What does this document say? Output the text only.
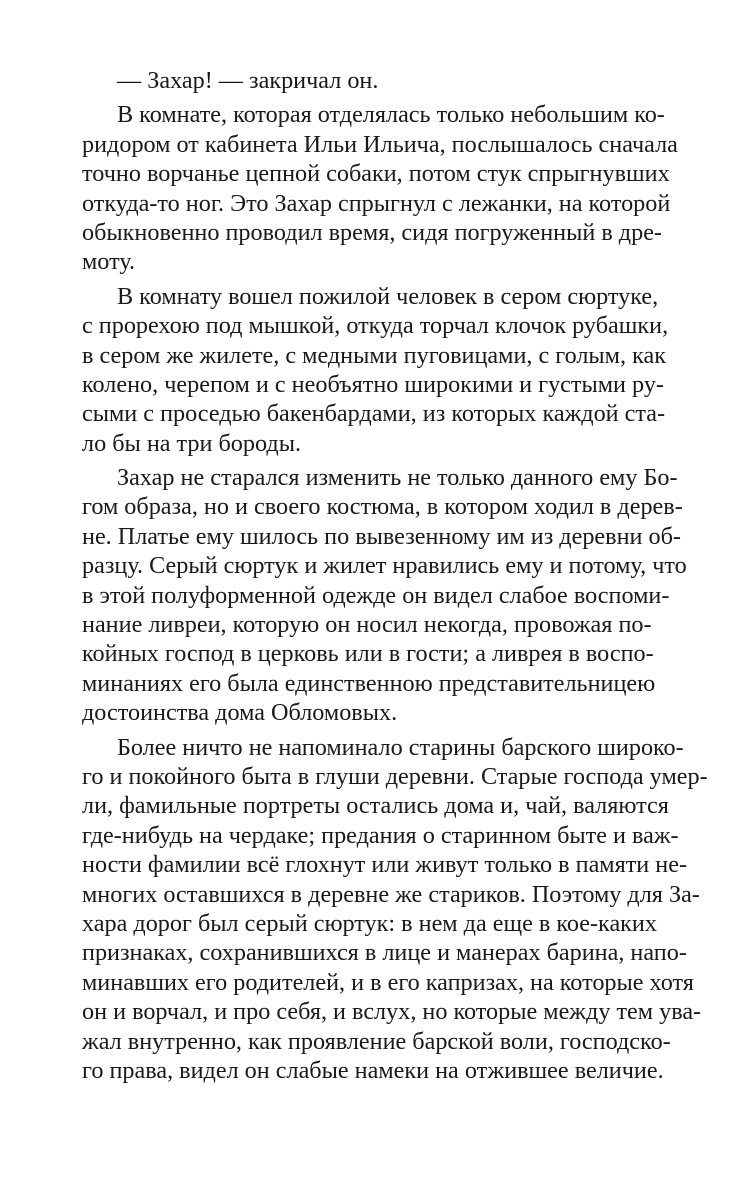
— Захар! — закричал он.
В комнате, которая отделялась только небольшим ко-
ридором от кабинета Ильи Ильича, послышалось сначала
точно ворчанье цепной собаки, потом стук спрыгнувших
откуда-то ног. Это Захар спрыгнул с лежанки, на которой
обыкновенно проводил время, сидя погруженный в дре-
моту.
В комнату вошел пожилой человек в сером сюртуке,
с прорехою под мышкой, откуда торчал клочок рубашки,
в сером же жилете, с медными пуговицами, с голым, как
колено, черепом и с необъятно широкими и густыми ру-
сыми с проседью бакенбардами, из которых каждой ста-
ло бы на три бороды.
Захар не старался изменить не только данного ему Бо-
гом образа, но и своего костюма, в котором ходил в дерев-
не. Платье ему шилось по вывезенному им из деревни об-
разцу. Серый сюртук и жилет нравились ему и потому, что
в этой полуформенной одежде он видел слабое воспоми-
нание ливреи, которую он носил некогда, провожая по-
койных господ в церковь или в гости; а ливрея в воспо-
минаниях его была единственною представительницею
достоинства дома Обломовых.
Более ничто не напоминало старины барского широко-
го и покойного быта в глуши деревни. Старые господа умер-
ли, фамильные портреты остались дома и, чай, валяются
где-нибудь на чердаке; предания о старинном быте и важ-
ности фамилии всё глохнут или живут только в памяти не-
многих оставшихся в деревне же стариков. Поэтому для За-
хара дорог был серый сюртук: в нем да еще в кое-каких
признаках, сохранившихся в лице и манерах барина, напо-
минавших его родителей, и в его капризах, на которые хотя
он и ворчал, и про себя, и вслух, но которые между тем ува-
жал внутренно, как проявление барской воли, господско-
го права, видел он слабые намеки на отжившее величие.
